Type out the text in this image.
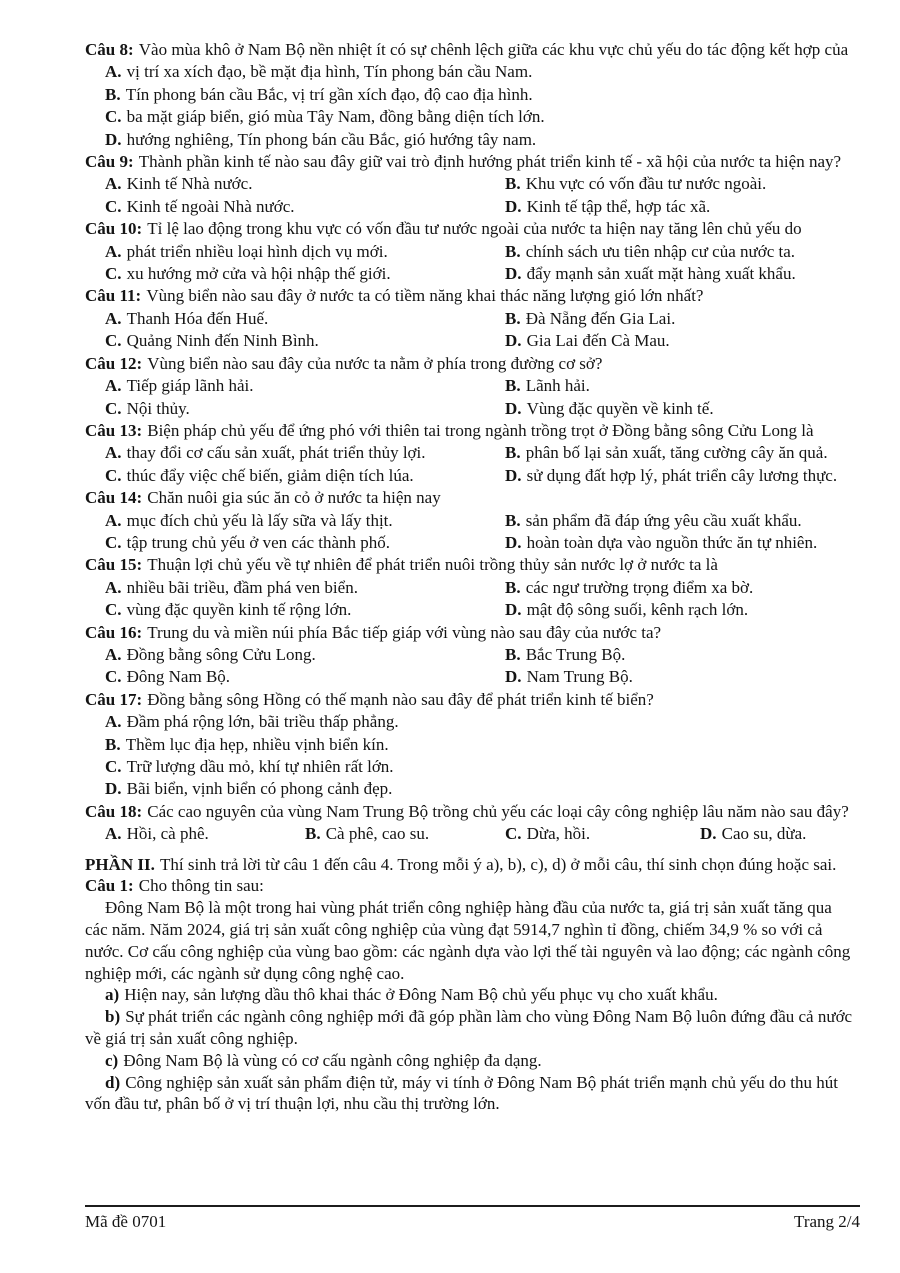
Câu 8: Vào mùa khô ở Nam Bộ nền nhiệt ít có sự chênh lệch giữa các khu vực chủ yếu do tác động kết hợp của

A. vị trí xa xích đạo, bề mặt địa hình, Tín phong bán cầu Nam.

B. Tín phong bán cầu Bắc, vị trí gần xích đạo, độ cao địa hình.

C. ba mặt giáp biển, gió mùa Tây Nam, đồng bằng diện tích lớn.

D. hướng nghiêng, Tín phong bán cầu Bắc, gió hướng tây nam.

Câu 9: Thành phần kinh tế nào sau đây giữ vai trò định hướng phát triển kinh tế - xã hội của nước ta hiện nay?

A. Kinh tế Nhà nước.	B. Khu vực có vốn đầu tư nước ngoài.

C. Kinh tế ngoài Nhà nước.	D. Kinh tế tập thể, hợp tác xã.

Câu 10: Tỉ lệ lao động trong khu vực có vốn đầu tư nước ngoài của nước ta hiện nay tăng lên chủ yếu do

A. phát triển nhiều loại hình dịch vụ mới.	B. chính sách ưu tiên nhập cư của nước ta.

C. xu hướng mở cửa và hội nhập thế giới.	D. đẩy mạnh sản xuất mặt hàng xuất khẩu.

Câu 11: Vùng biển nào sau đây ở nước ta có tiềm năng khai thác năng lượng gió lớn nhất?

A. Thanh Hóa đến Huế.	B. Đà Nẵng đến Gia Lai.

C. Quảng Ninh đến Ninh Bình.	D. Gia Lai đến Cà Mau.

Câu 12: Vùng biển nào sau đây của nước ta nằm ở phía trong đường cơ sở?

A. Tiếp giáp lãnh hải.	B. Lãnh hải.

C. Nội thủy.	D. Vùng đặc quyền về kinh tế.

Câu 13: Biện pháp chủ yếu để ứng phó với thiên tai trong ngành trồng trọt ở Đồng bằng sông Cửu Long là

A. thay đổi cơ cấu sản xuất, phát triển thủy lợi.	B. phân bố lại sản xuất, tăng cường cây ăn quả.

C. thúc đẩy việc chế biến, giảm diện tích lúa.	D. sử dụng đất hợp lý, phát triển cây lương thực.

Câu 14: Chăn nuôi gia súc ăn cỏ ở nước ta hiện nay

A. mục đích chủ yếu là lấy sữa và lấy thịt.	B. sản phẩm đã đáp ứng yêu cầu xuất khẩu.

C. tập trung chủ yếu ở ven các thành phố.	D. hoàn toàn dựa vào nguồn thức ăn tự nhiên.

Câu 15: Thuận lợi chủ yếu về tự nhiên để phát triển nuôi trồng thủy sản nước lợ ở nước ta là

A. nhiều bãi triều, đầm phá ven biển.	B. các ngư trường trọng điểm xa bờ.

C. vùng đặc quyền kinh tế rộng lớn.	D. mật độ sông suối, kênh rạch lớn.

Câu 16: Trung du và miền núi phía Bắc tiếp giáp với vùng nào sau đây của nước ta?

A. Đồng bằng sông Cửu Long.	B. Bắc Trung Bộ.

C. Đông Nam Bộ.	D. Nam Trung Bộ.

Câu 17: Đồng bằng sông Hồng có thế mạnh nào sau đây để phát triển kinh tế biển?

A. Đầm phá rộng lớn, bãi triều thấp phẳng.

B. Thềm lục địa hẹp, nhiều vịnh biển kín.

C. Trữ lượng dầu mỏ, khí tự nhiên rất lớn.

D. Bãi biển, vịnh biển có phong cảnh đẹp.

Câu 18: Các cao nguyên của vùng Nam Trung Bộ trồng chủ yếu các loại cây công nghiệp lâu năm nào sau đây?

A. Hồi, cà phê.	B. Cà phê, cao su.	C. Dừa, hồi.	D. Cao su, dừa.

PHẦN II. Thí sinh trả lời từ câu 1 đến câu 4. Trong mỗi ý a), b), c), d) ở mỗi câu, thí sinh chọn đúng hoặc sai.

Câu 1: Cho thông tin sau:

Đông Nam Bộ là một trong hai vùng phát triển công nghiệp hàng đầu của nước ta, giá trị sản xuất tăng qua các năm. Năm 2024, giá trị sản xuất công nghiệp của vùng đạt 5914,7 nghìn tỉ đồng, chiếm 34,9 % so với cả nước. Cơ cấu công nghiệp của vùng bao gồm: các ngành dựa vào lợi thế tài nguyên và lao động; các ngành công nghiệp mới, các ngành sử dụng công nghệ cao.

a) Hiện nay, sản lượng dầu thô khai thác ở Đông Nam Bộ chủ yếu phục vụ cho xuất khẩu.

b) Sự phát triển các ngành công nghiệp mới đã góp phần làm cho vùng Đông Nam Bộ luôn đứng đầu cả nước về giá trị sản xuất công nghiệp.

c) Đông Nam Bộ là vùng có cơ cấu ngành công nghiệp đa dạng.

d) Công nghiệp sản xuất sản phẩm điện tử, máy vi tính ở Đông Nam Bộ phát triển mạnh chủ yếu do thu hút vốn đầu tư, phân bố ở vị trí thuận lợi, nhu cầu thị trường lớn.

Mã đề 0701	Trang 2/4
